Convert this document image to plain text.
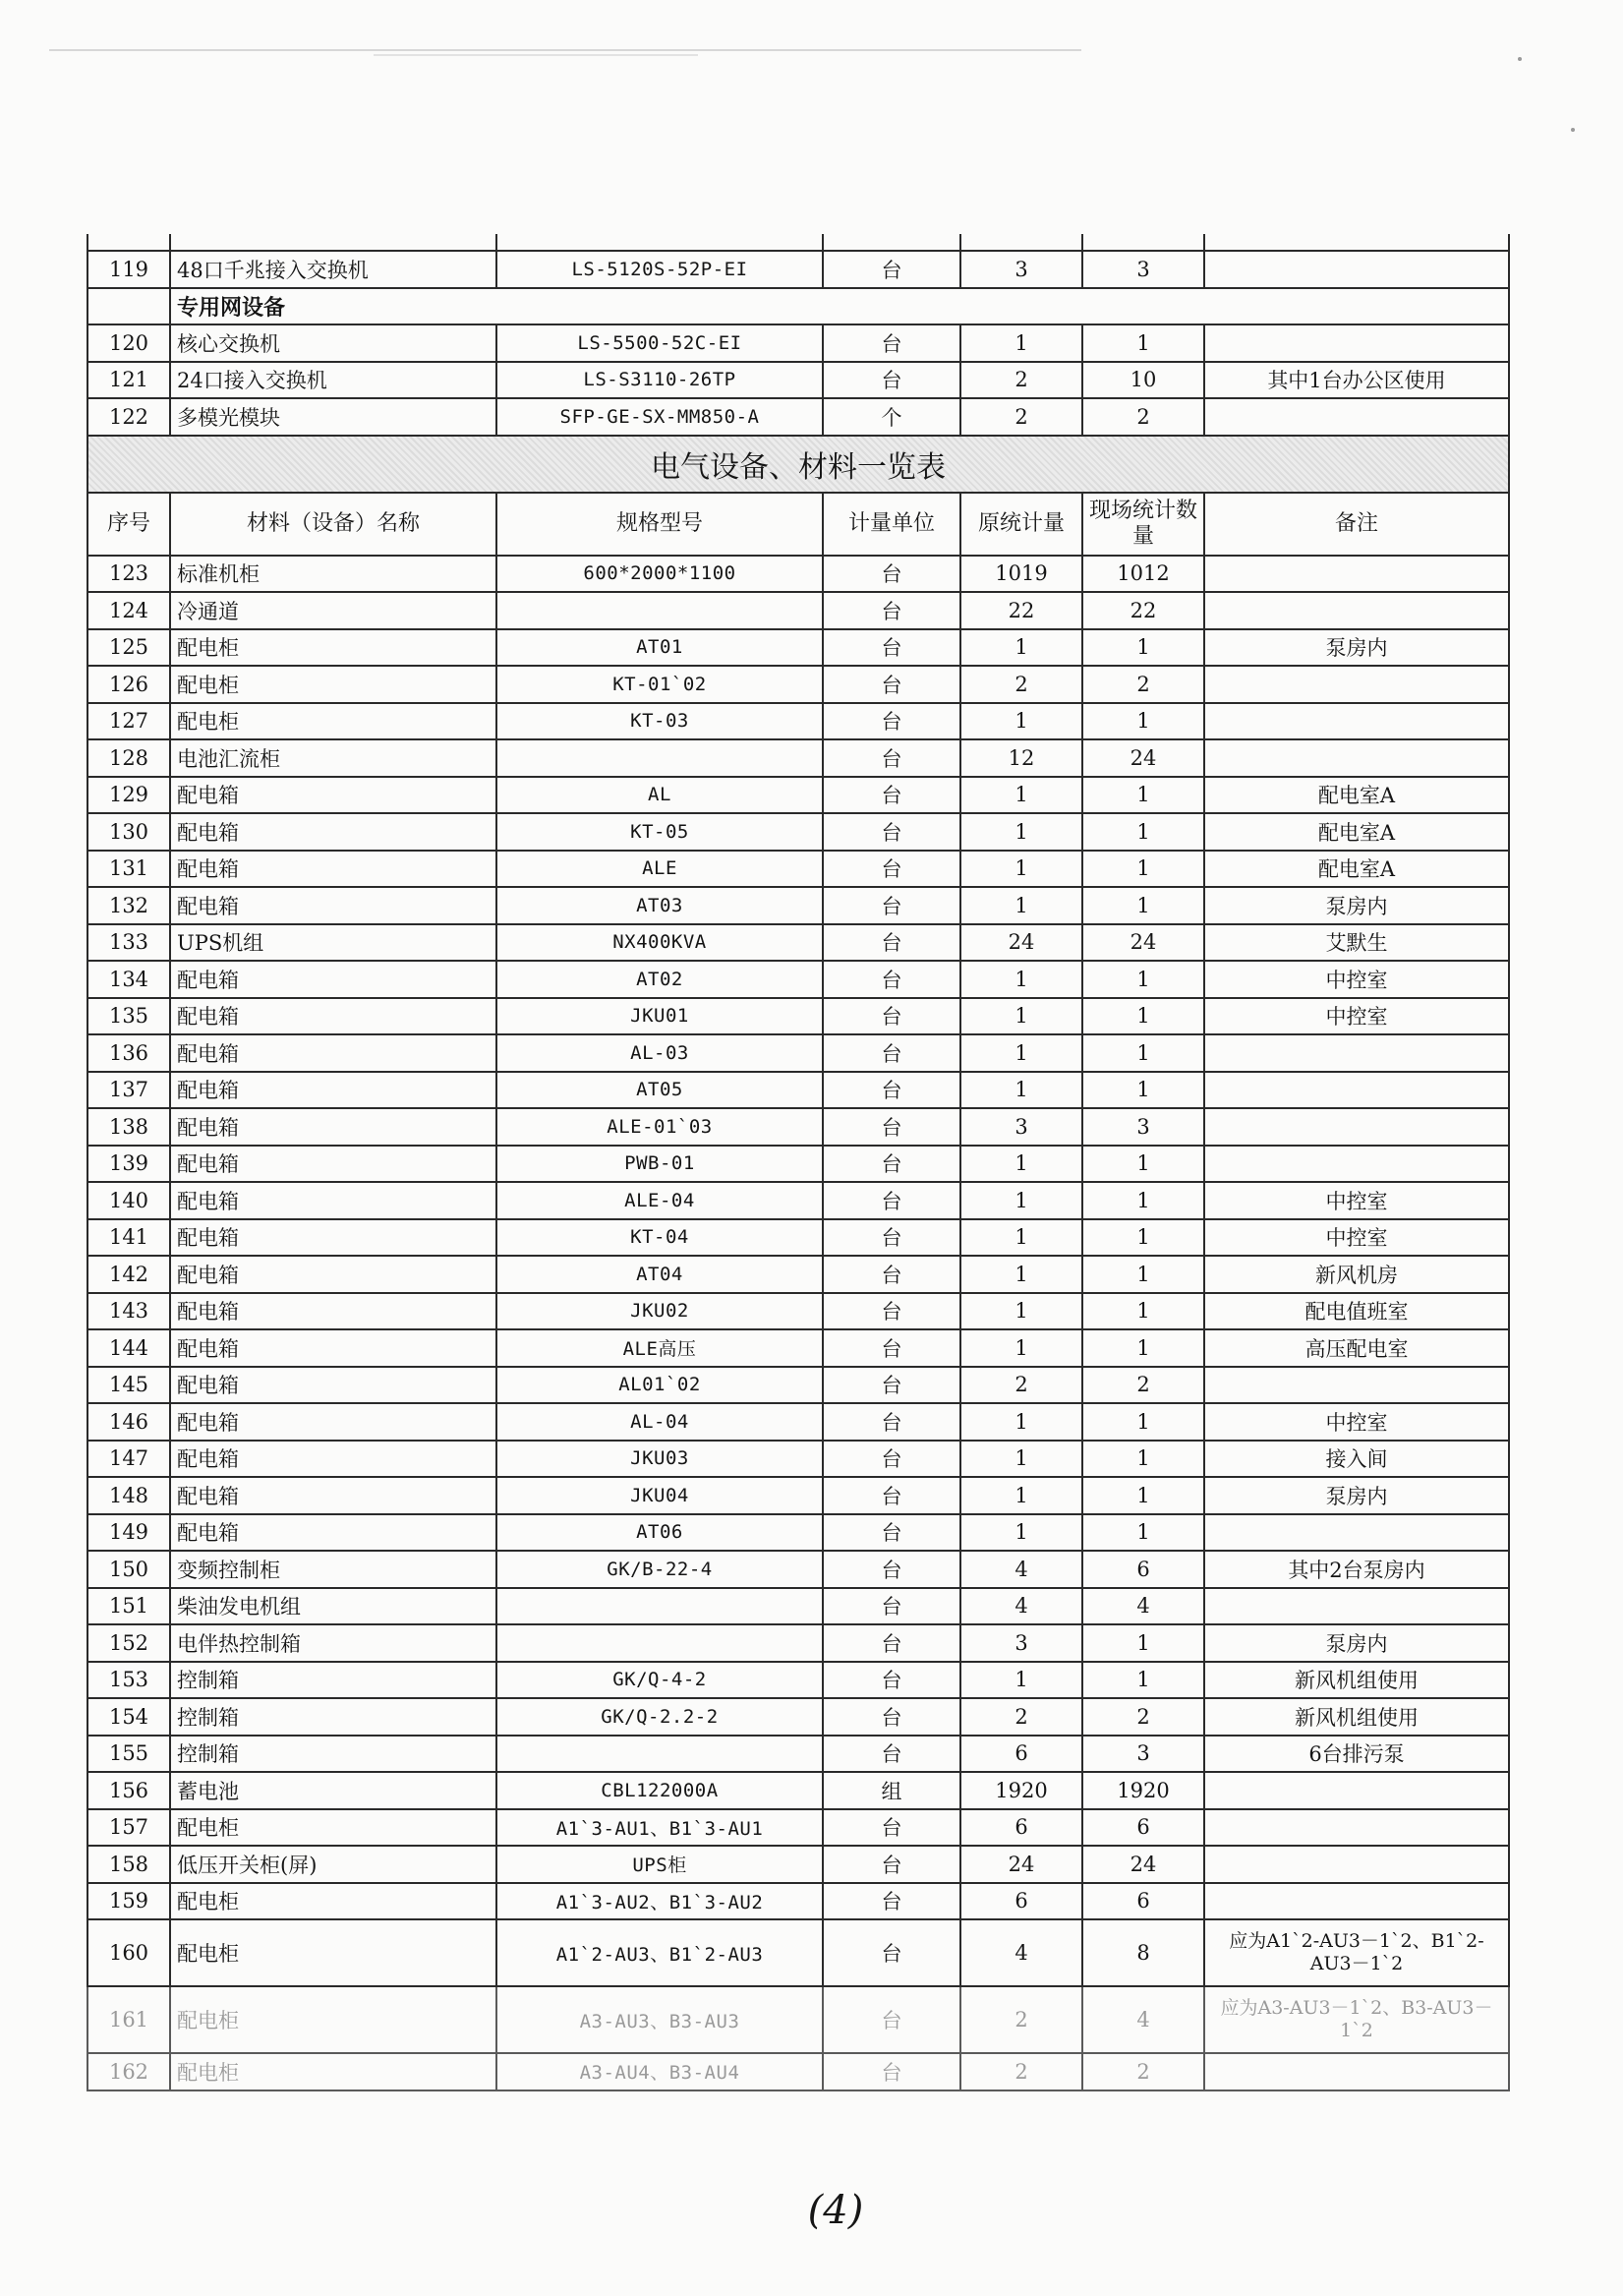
119	48口千兆接入交换机	LS-5120S-52P-EI	台	3	3	
	专用网设备					
120	核心交换机	LS-5500-52C-EI	台	1	1	
121	24口接入交换机	LS-S3110-26TP	台	2	10	其中1台办公区使用
122	多模光模块	SFP-GE-SX-MM850-A	个	2	2	
电气设备、材料一览表						
序号	材料（设备）名称	规格型号	计量单位	原统计量	现场统计数量	备注
123	标准机柜	600*2000*1100	台	1019	1012	
124	冷通道		台	22	22	
125	配电柜	AT01	台	1	1	泵房内
126	配电柜	KT-01`02	台	2	2	
127	配电柜	KT-03	台	1	1	
128	电池汇流柜		台	12	24	
129	配电箱	AL	台	1	1	配电室A
130	配电箱	KT-05	台	1	1	配电室A
131	配电箱	ALE	台	1	1	配电室A
132	配电箱	AT03	台	1	1	泵房内
133	UPS机组	NX400KVA	台	24	24	艾默生
134	配电箱	AT02	台	1	1	中控室
135	配电箱	JKU01	台	1	1	中控室
136	配电箱	AL-03	台	1	1	
137	配电箱	AT05	台	1	1	
138	配电箱	ALE-01`03	台	3	3	
139	配电箱	PWB-01	台	1	1	
140	配电箱	ALE-04	台	1	1	中控室
141	配电箱	KT-04	台	1	1	中控室
142	配电箱	AT04	台	1	1	新风机房
143	配电箱	JKU02	台	1	1	配电值班室
144	配电箱	ALE高压	台	1	1	高压配电室
145	配电箱	AL01`02	台	2	2	
146	配电箱	AL-04	台	1	1	中控室
147	配电箱	JKU03	台	1	1	接入间
148	配电箱	JKU04	台	1	1	泵房内
149	配电箱	AT06	台	1	1	
150	变频控制柜	GK/B-22-4	台	4	6	其中2台泵房内
151	柴油发电机组		台	4	4	
152	电伴热控制箱		台	3	1	泵房内
153	控制箱	GK/Q-4-2	台	1	1	新风机组使用
154	控制箱	GK/Q-2.2-2	台	2	2	新风机组使用
155	控制箱		台	6	3	6台排污泵
156	蓄电池	CBL122000A	组	1920	1920	
157	配电柜	A1`3-AU1、B1`3-AU1	台	6	6	
158	低压开关柜(屏)	UPS柜	台	24	24	
159	配电柜	A1`3-AU2、B1`3-AU2	台	6	6	
160	配电柜	A1`2-AU3、B1`2-AU3	台	4	8	应为A1`2-AU3－1`2、B1`2-AU3－1`2
161	配电柜	A3-AU3、B3-AU3	台	2	4	应为A3-AU3－1`2、B3-AU3－1`2
162	配电柜	A3-AU4、B3-AU4	台	2	2	
(4)
